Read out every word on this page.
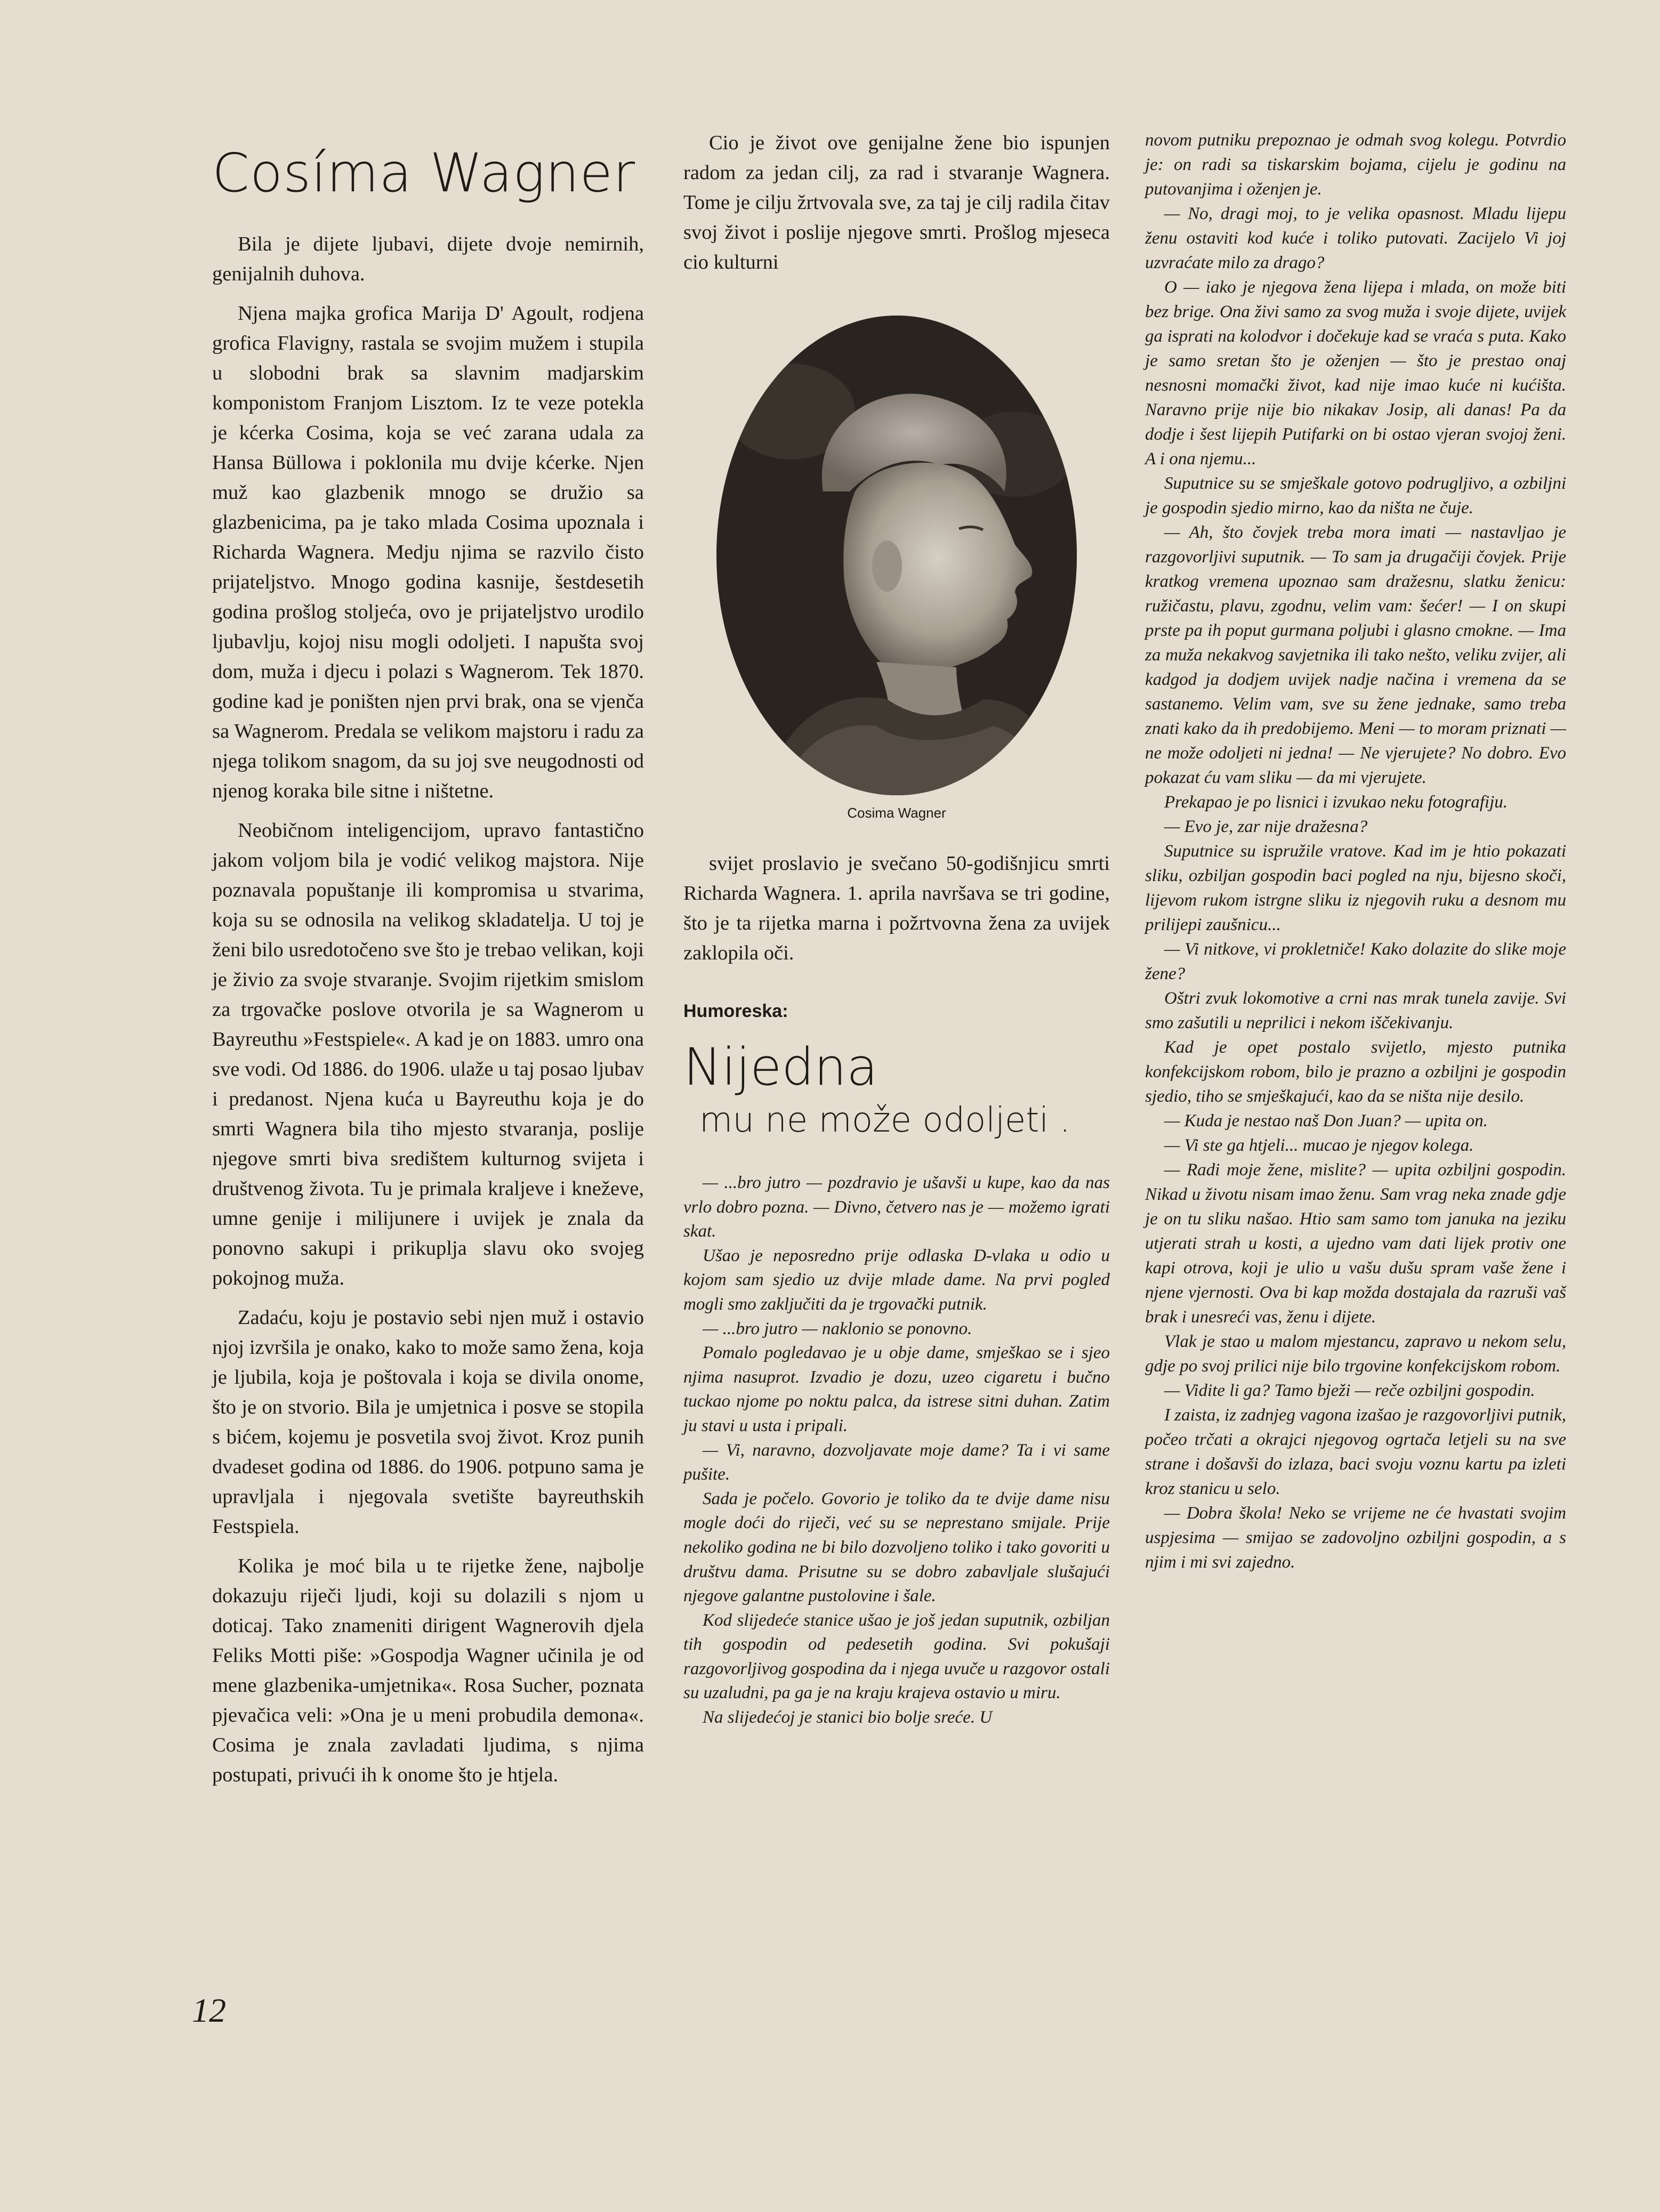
Cosíma Wagner

Bila je dijete ljubavi, dijete dvoje nemirnih, genijalnih duhova.

Njena majka grofica Marija D' Agoult, rodjena grofica Flavigny, rastala se svojim mužem i stupila u slobodni brak sa slavnim madjarskim komponistom Franjom Lisztom. Iz te veze potekla je kćerka Cosima, koja se već zarana udala za Hansa Büllowa i poklonila mu dvije kćerke. Njen muž kao glazbenik mnogo se družio sa glazbenicima, pa je tako mlada Cosima upoznala i Richarda Wagnera. Medju njima se razvilo čisto prijateljstvo. Mnogo godina kasnije, šestdesetih godina prošlog stoljeća, ovo je prijateljstvo urodilo ljubavlju, kojoj nisu mogli odoljeti. I napušta svoj dom, muža i djecu i polazi s Wagnerom. Tek 1870. godine kad je poništen njen prvi brak, ona se vjenča sa Wagnerom. Predala se velikom majstoru i radu za njega tolikom snagom, da su joj sve neugodnosti od njenog koraka bile sitne i ništetne.

Neobičnom inteligencijom, upravo fantastično jakom voljom bila je vodić velikog majstora. Nije poznavala popuštanje ili kompromisa u stvarima, koja su se odnosila na velikog skladatelja. U toj je ženi bilo usredotočeno sve što je trebao velikan, koji je živio za svoje stvaranje. Svojim rijetkim smislom za trgovačke poslove otvorila je sa Wagnerom u Bayreuthu »Festspiele«. A kad je on 1883. umro ona sve vodi. Od 1886. do 1906. ulaže u taj posao ljubav i predanost. Njena kuća u Bayreuthu koja je do smrti Wagnera bila tiho mjesto stvaranja, poslije njegove smrti biva središtem kulturnog svijeta i društvenog života. Tu je primala kraljeve i kneževe, umne genije i milijunere i uvijek je znala da ponovno sakupi i prikuplja slavu oko svojeg pokojnog muža.

Zadaću, koju je postavio sebi njen muž i ostavio njoj izvršila je onako, kako to može samo žena, koja je ljubila, koja je poštovala i koja se divila onome, što je on stvorio. Bila je umjetnica i posve se stopila s bićem, kojemu je posvetila svoj život. Kroz punih dvadeset godina od 1886. do 1906. potpuno sama je upravljala i njegovala svetište bayreuthskih Festspiela.

Kolika je moć bila u te rijetke žene, najbolje dokazuju riječi ljudi, koji su dolazili s njom u doticaj. Tako znameniti dirigent Wagnerovih djela Feliks Motti piše: »Gospodja Wagner učinila je od mene glazbenika-umjetnika«. Rosa Sucher, poznata pjevačica veli: »Ona je u meni probudila demona«. Cosima je znala zavladati ljudima, s njima postupati, privući ih k onome što je htjela.

Cio je život ove genijalne žene bio ispunjen radom za jedan cilj, za rad i stvaranje Wagnera. Tome je cilju žrtvovala sve, za taj je cilj radila čitav svoj život i poslije njegove smrti. Prošlog mjeseca cio kulturni

Cosima Wagner

svijet proslavio je svečano 50-godišnjicu smrti Richarda Wagnera. 1. aprila navršava se tri godine, što je ta rijetka marna i požrtvovna žena za uvijek zaklopila oči.

Humoreska:
Nijedna
mu ne može odoljeti .

— ...bro jutro — pozdravio je ušavši u kupe, kao da nas vrlo dobro pozna. — Divno, četvero nas je — možemo igrati skat.

Ušao je neposredno prije odlaska D-vlaka u odio u kojom sam sjedio uz dvije mlade dame. Na prvi pogled mogli smo zaključiti da je trgovački putnik.

— ...bro jutro — naklonio se ponovno.

Pomalo pogledavao je u obje dame, smješkao se i sjeo njima nasuprot. Izvadio je dozu, uzeo cigaretu i bučno tuckao njome po noktu palca, da istrese sitni duhan. Zatim ju stavi u usta i pripali.

— Vi, naravno, dozvoljavate moje dame? Ta i vi same pušite.

Sada je počelo. Govorio je toliko da te dvije dame nisu mogle doći do riječi, već su se neprestano smijale. Prije nekoliko godina ne bi bilo dozvoljeno toliko i tako govoriti u društvu dama. Prisutne su se dobro zabavljale slušajući njegove galantne pustolovine i šale.

Kod slijedeće stanice ušao je još jedan suputnik, ozbiljan tih gospodin od pedesetih godina. Svi pokušaji razgovorljivog gospodina da i njega uvuče u razgovor ostali su uzaludni, pa ga je na kraju krajeva ostavio u miru.

Na slijedećoj je stanici bio bolje sreće. U

novom putniku prepoznao je odmah svog kolegu. Potvrdio je: on radi sa tiskarskim bojama, cijelu je godinu na putovanjima i oženjen je.

— No, dragi moj, to je velika opasnost. Mladu lijepu ženu ostaviti kod kuće i toliko putovati. Zacijelo Vi joj uzvraćate milo za drago?

O — iako je njegova žena lijepa i mlada, on može biti bez brige. Ona živi samo za svog muža i svoje dijete, uvijek ga isprati na kolodvor i dočekuje kad se vraća s puta. Kako je samo sretan što je oženjen — što je prestao onaj nesnosni momački život, kad nije imao kuće ni kućišta. Naravno prije nije bio nikakav Josip, ali danas! Pa da dodje i šest lijepih Putifarki on bi ostao vjeran svojoj ženi. A i ona njemu...

Suputnice su se smješkale gotovo podrugljivo, a ozbiljni je gospodin sjedio mirno, kao da ništa ne čuje.

— Ah, što čovjek treba mora imati — nastavljao je razgovorljivi suputnik. — To sam ja drugačiji čovjek. Prije kratkog vremena upoznao sam dražesnu, slatku ženicu: ružičastu, plavu, zgodnu, velim vam: šećer! — I on skupi prste pa ih poput gurmana poljubi i glasno cmokne. — Ima za muža nekakvog savjetnika ili tako nešto, veliku zvijer, ali kadgod ja dodjem uvijek nadje načina i vremena da se sastanemo. Velim vam, sve su žene jednake, samo treba znati kako da ih predobijemo. Meni — to moram priznati — ne može odoljeti ni jedna! — Ne vjerujete? No dobro. Evo pokazat ću vam sliku — da mi vjerujete.

Prekapao je po lisnici i izvukao neku fotografiju.

— Evo je, zar nije dražesna?

Suputnice su ispružile vratove. Kad im je htio pokazati sliku, ozbiljan gospodin baci pogled na nju, bijesno skoči, lijevom rukom istrgne sliku iz njegovih ruku a desnom mu prilijepi zaušnicu...

— Vi nitkove, vi prokletniče! Kako dolazite do slike moje žene?

Oštri zvuk lokomotive a crni nas mrak tunela zavije. Svi smo zašutili u neprilici i nekom iščekivanju.

Kad je opet postalo svijetlo, mjesto putnika konfekcijskom robom, bilo je prazno a ozbiljni je gospodin sjedio, tiho se smješkajući, kao da se ništa nije desilo.

— Kuda je nestao naš Don Juan? — upita on.

— Vi ste ga htjeli... mucao je njegov kolega.

— Radi moje žene, mislite? — upita ozbiljni gospodin. Nikad u životu nisam imao ženu. Sam vrag neka znade gdje je on tu sliku našao. Htio sam samo tom januka na jeziku utjerati strah u kosti, a ujedno vam dati lijek protiv one kapi otrova, koji je ulio u vašu dušu spram vaše žene i njene vjernosti. Ova bi kap možda dostajala da razruši vaš brak i unesreći vas, ženu i dijete.

Vlak je stao u malom mjestancu, zapravo u nekom selu, gdje po svoj prilici nije bilo trgovine konfekcijskom robom.

— Vidite li ga? Tamo bježi — reče ozbiljni gospodin.

I zaista, iz zadnjeg vagona izašao je razgovorljivi putnik, počeo trčati a okrajci njegovog ogrtača letjeli su na sve strane i došavši do izlaza, baci svoju voznu kartu pa izleti kroz stanicu u selo.

— Dobra škola! Neko se vrijeme ne će hvastati svojim uspjesima — smijao se zadovoljno ozbiljni gospodin, a s njim i mi svi zajedno.

12
